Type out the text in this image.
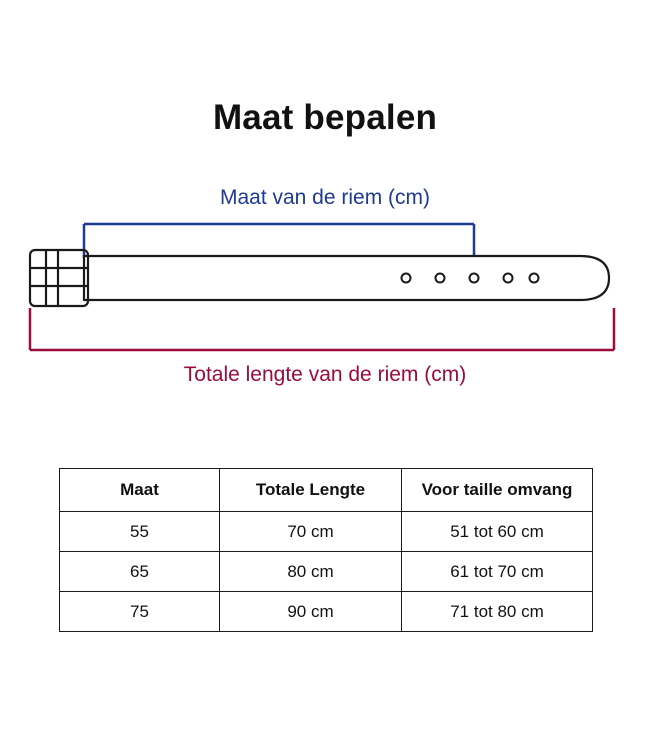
Maat bepalen
Maat van de riem (cm)
Totale lengte van de riem (cm)
Maat	Totale Lengte	Voor taille omvang
55	70 cm	51 tot 60 cm
65	80 cm	61 tot 70 cm
75	90 cm	71 tot 80 cm
